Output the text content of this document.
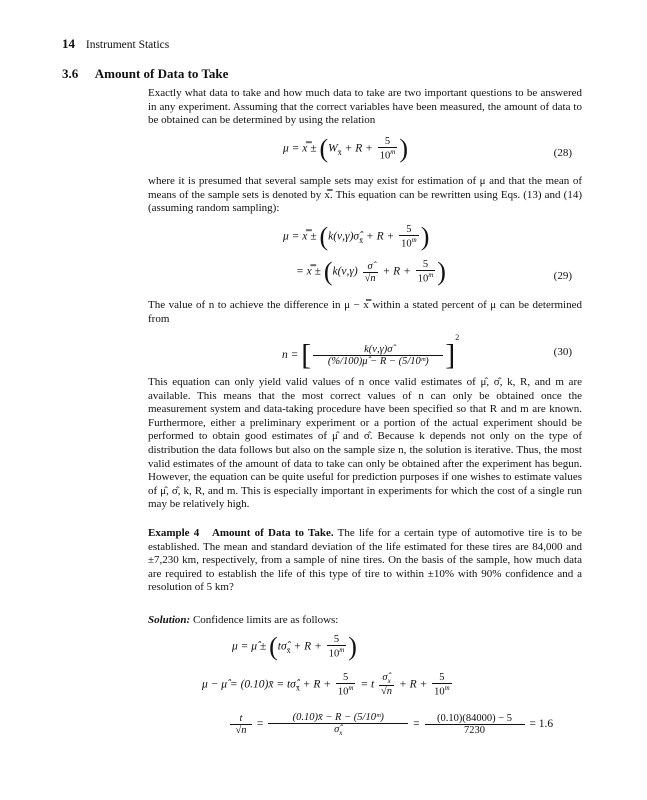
14 Instrument Statics
3.6 Amount of Data to Take
Exactly what data to take and how much data to take are two important questions to be answered in any experiment. Assuming that the correct variables have been measured, the amount of data to be obtained can be determined by using the relation
μ = x̿ ± ($W_{x̄} + R + \frac{5}{10^m}$ )	(28)
where it is presumed that several sample sets may exist for estimation of μ and that the mean of means of the sample sets is denoted by x̿. This equation can be rewritten using Eqs. (13) and (14) (assuming random sampling):
μ = x̿ ± ($k(\nu,\gamma)\sigmâ_{x̄} + R + \frac{5}{10^m}$ )
= x̿ ± ($k(\nu,\gamma) \frac{\sigmâ}{√n} + R + \frac{5}{10^m}$ )	(29)
The value of n to achieve the difference in μ − x̿ within a stated percent of μ can be determined from
n = [ $\frac{k(\nu,\gamma)\sigmâ}{\text{(\%/100)μ̂ − R − (5/10ᵐ)}} ]^2$
(30)
This equation can only yield valid values of n once valid estimates of μ̂, σ̂, k, R, and m are available. This means that the most correct values of n can only be obtained once the measurement system and data-taking procedure have been specified so that R and m are known. Furthermore, either a preliminary experiment or a portion of the actual experiment should be performed to obtain good estimates of μ̂ and σ̂. Because k depends not only on the type of distribution the data follows but also on the sample size n, the solution is iterative. Thus, the most valid estimates of the amount of data to take can only be obtained after the experiment has begun. However, the equation can be quite useful for prediction purposes if one wishes to estimate values of μ̂, σ̂, k, R, and m. This is especially important in experiments for which the cost of a single run may be relatively high.
Example 4 Amount of Data to Take. The life for a certain type of automotive tire is to be established. The mean and standard deviation of the life estimated for these tires are 84,000 and ±7,230 km, respectively, from a sample of nine tires. On the basis of the sample, how much data are required to establish the life of this type of tire to within ±10% with 90% confidence and a resolution of 5 km?
Solution: Confidence limits are as follows:
μ = μ̂ ± ($t\sigmâ_{x̄} + R + \frac{5}{10^m}$ )
μ − μ̂ = (0.10)x̄ = $t\sigmâ_{x̄} + R + \frac{5}{10^m} = t \frac{\sigmâ_x}{√n} + R + \frac{5}{10^m}$
$\frac{t}{√n} = \frac{\text{(0.10)x̄ − R − (5/10ᵐ)}}{\sigmâ_x} = \frac{(0.10)(84000) - 5}{7230} = 1.6$
